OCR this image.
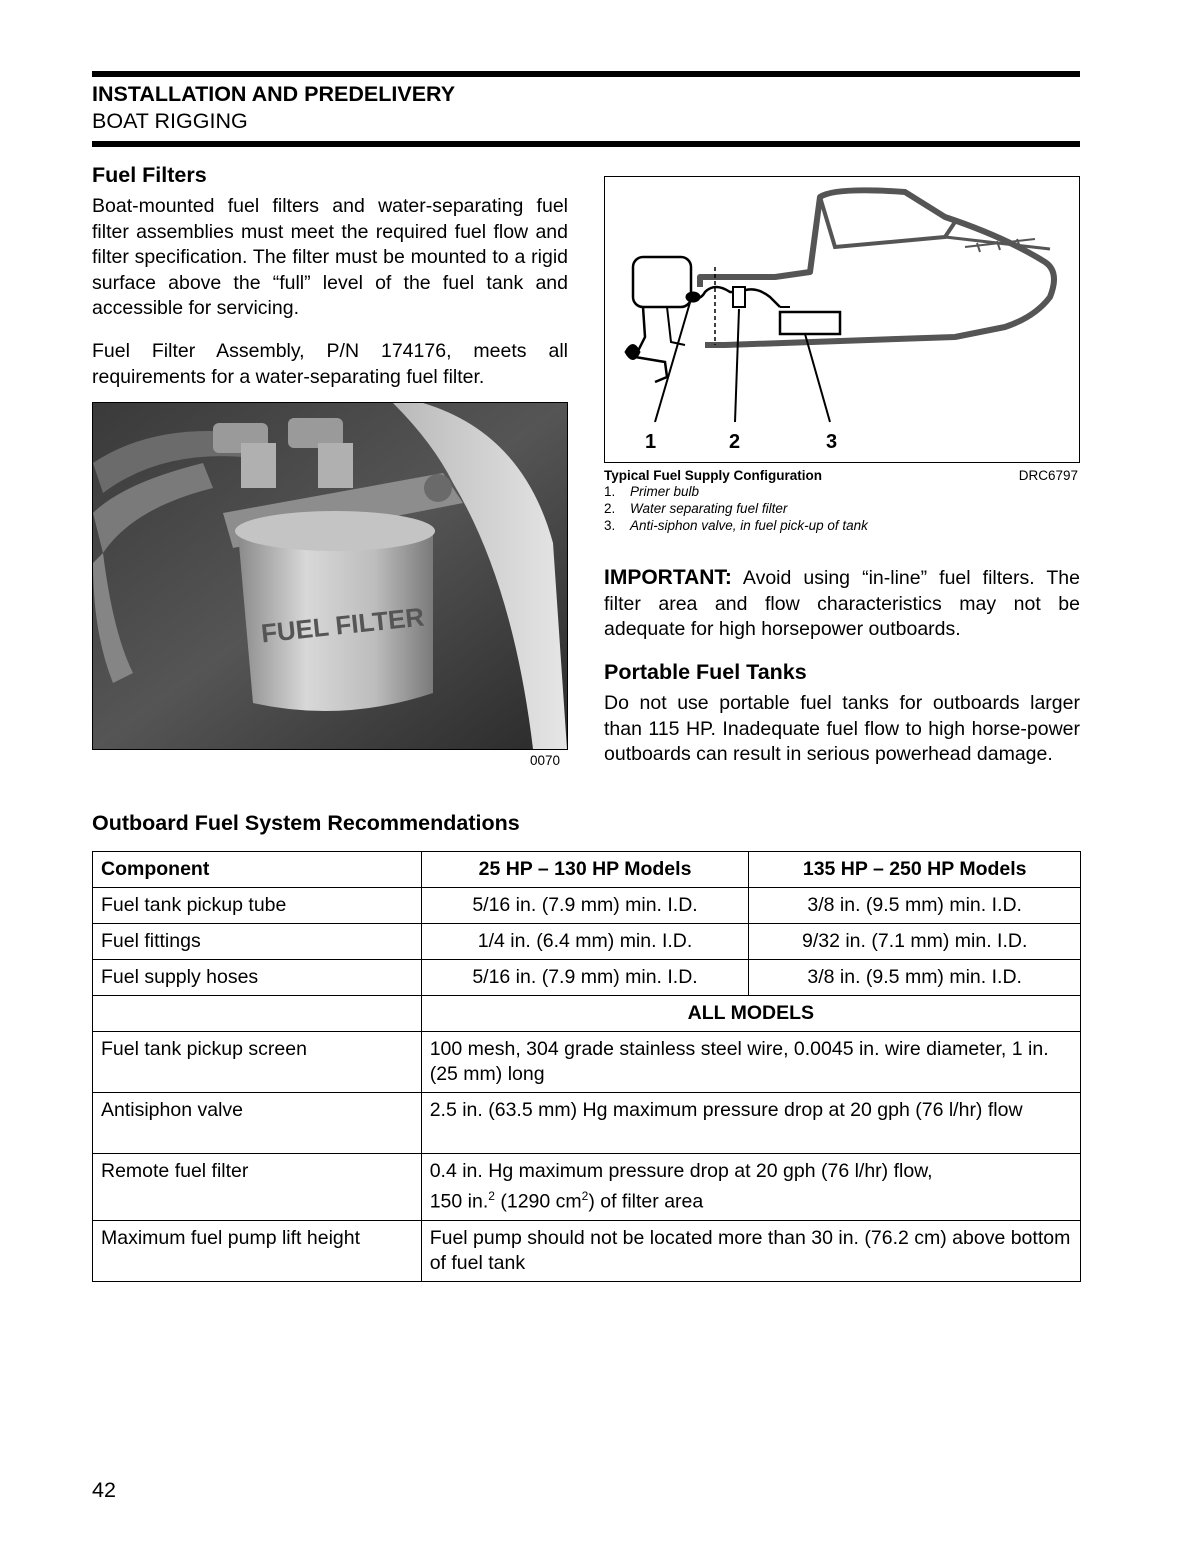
INSTALLATION AND PREDELIVERY
BOAT RIGGING
Fuel Filters

Boat-mounted fuel filters and water-separating fuel filter assemblies must meet the required fuel flow and filter specification. The filter must be mounted to a rigid surface above the “full” level of the fuel tank and accessible for servicing.

Fuel Filter Assembly, P/N 174176, meets all requirements for a water-separating fuel filter.

FUEL FILTER
0070
1	2	3
Typical Fuel Supply Configuration	DRC6797
1. Primer bulb
2. Water separating fuel filter
3. Anti-siphon valve, in fuel pick-up of tank

IMPORTANT: Avoid using “in-line” fuel filters. The filter area and flow characteristics may not be adequate for high horsepower outboards.

Portable Fuel Tanks

Do not use portable fuel tanks for outboards larger than 115 HP. Inadequate fuel flow to high horse-power outboards can result in serious powerhead damage.

Outboard Fuel System Recommendations
Component	25 HP – 130 HP Models	135 HP – 250 HP Models
Fuel tank pickup tube	5/16 in. (7.9 mm) min. I.D.	3/8 in. (9.5 mm) min. I.D.
Fuel fittings	1/4 in. (6.4 mm) min. I.D.	9/32 in. (7.1 mm) min. I.D.
Fuel supply hoses	5/16 in. (7.9 mm) min. I.D.	3/8 in. (9.5 mm) min. I.D.
	ALL MODELS	
Fuel tank pickup screen	100 mesh, 304 grade stainless steel wire, 0.0045 in. wire diameter, 1 in. (25 mm) long	
Antisiphon valve	2.5 in. (63.5 mm) Hg maximum pressure drop at 20 gph (76 l/hr) flow	
Remote fuel filter	0.4 in. Hg maximum pressure drop at 20 gph (76 l/hr) flow,
150 in.$^2$ (1290 $cm^2$) of filter area	
Maximum fuel pump lift height	Fuel pump should not be located more than 30 in. (76.2 cm) above bottom of fuel tank	
42
